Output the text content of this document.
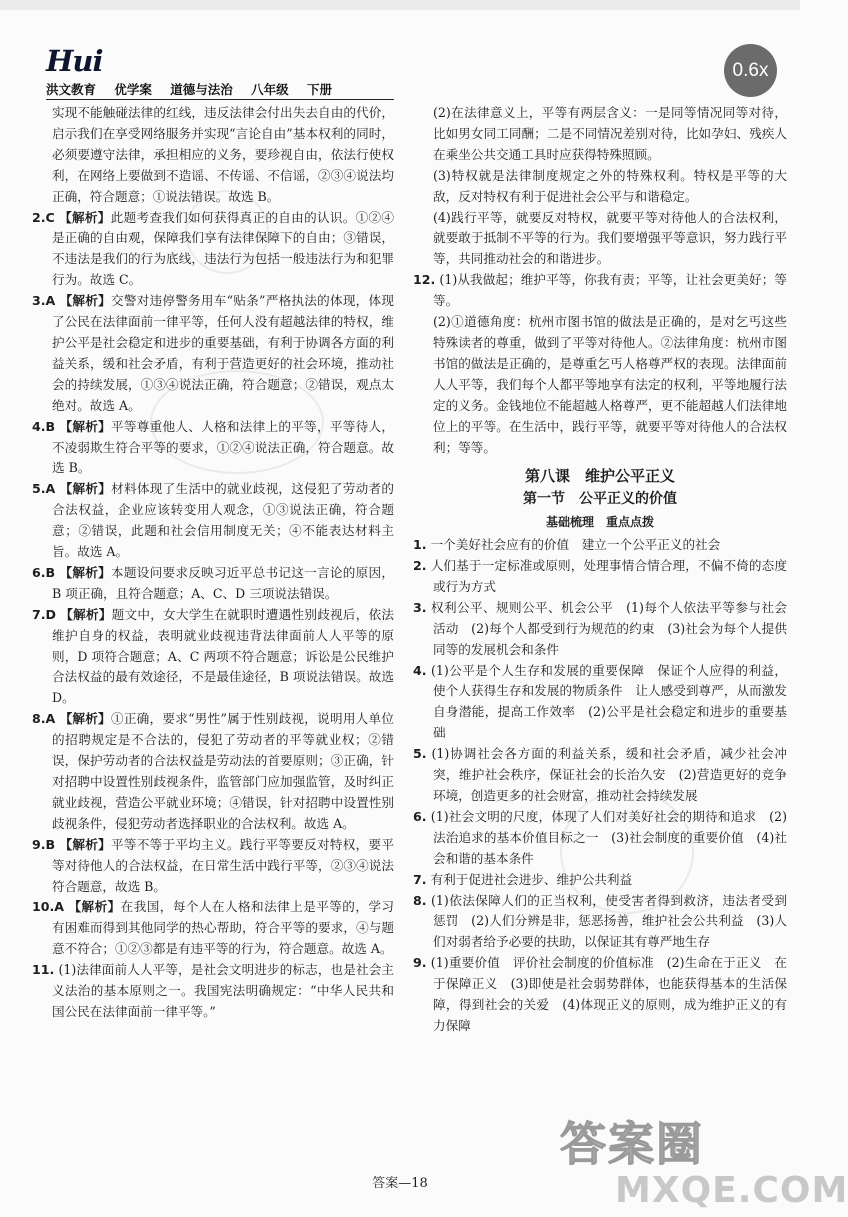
Hui
洪文教育 优学案 道德与法治 八年级 下册
0.6x

实现不能触碰法律的红线，违反法律会付出失去自由的代价，启示我们在享受网络服务并实现“言论自由”基本权利的同时，必须要遵守法律，承担相应的义务，要珍视自由，依法行使权利，在网络上要做到不造谣、不传谣、不信谣，②③④说法均正确，符合题意；①说法错误。故选 B。

2.C 【解析】此题考查我们如何获得真正的自由的认识。①②④是正确的自由观，保障我们享有法律保障下的自由；③错误，不违法是我们的行为底线，违法行为包括一般违法行为和犯罪行为。故选 C。

3.A 【解析】交警对违停警务用车“贴条”严格执法的体现，体现了公民在法律面前一律平等，任何人没有超越法律的特权，维护公平是社会稳定和进步的重要基础，有利于协调各方面的利益关系，缓和社会矛盾，有利于营造更好的社会环境，推动社会的持续发展，①③④说法正确，符合题意；②错误，观点太绝对。故选 A。

4.B 【解析】平等尊重他人、人格和法律上的平等，平等待人，不凌弱欺生符合平等的要求，①②④说法正确，符合题意。故选 B。

5.A 【解析】材料体现了生活中的就业歧视，这侵犯了劳动者的合法权益，企业应该转变用人观念，①③说法正确，符合题意；②错误，此题和社会信用制度无关；④不能表达材料主旨。故选 A。

6.B 【解析】本题设问要求反映习近平总书记这一言论的原因，B 项正确，且符合题意；A、C、D 三项说法错误。

7.D 【解析】题文中，女大学生在就职时遭遇性别歧视后，依法维护自身的权益，表明就业歧视违背法律面前人人平等的原则，D 项符合题意；A、C 两项不符合题意；诉讼是公民维护合法权益的最有效途径，不是最佳途径，B 项说法错误。故选 D。

8.A 【解析】①正确，要求“男性”属于性别歧视，说明用人单位的招聘规定是不合法的，侵犯了劳动者的平等就业权；②错误，保护劳动者的合法权益是劳动法的首要原则；③正确，针对招聘中设置性别歧视条件，监管部门应加强监管，及时纠正就业歧视，营造公平就业环境；④错误，针对招聘中设置性别歧视条件，侵犯劳动者选择职业的合法权利。故选 A。

9.B 【解析】平等不等于平均主义。践行平等要反对特权，要平等对待他人的合法权益，在日常生活中践行平等，②③④说法符合题意，故选 B。

10.A 【解析】在我国，每个人在人格和法律上是平等的，学习有困难而得到其他同学的热心帮助，符合平等的要求，④与题意不符合；①②③都是有违平等的行为，符合题意。故选 A。

11. (1)法律面前人人平等，是社会文明进步的标志，也是社会主义法治的基本原则之一。我国宪法明确规定：“中华人民共和国公民在法律面前一律平等。”

(2)在法律意义上，平等有两层含义：一是同等情况同等对待，比如男女同工同酬；二是不同情况差别对待，比如孕妇、残疾人在乘坐公共交通工具时应获得特殊照顾。

(3)特权就是法律制度规定之外的特殊权利。特权是平等的大敌，反对特权有利于促进社会公平与和谐稳定。

(4)践行平等，就要反对特权，就要平等对待他人的合法权利，就要敢于抵制不平等的行为。我们要增强平等意识，努力践行平等，共同推动社会的和谐进步。

12. (1)从我做起；维护平等，你我有责；平等，让社会更美好；等等。

(2)①道德角度：杭州市图书馆的做法是正确的，是对乞丐这些特殊读者的尊重，做到了平等对待他人。②法律角度：杭州市图书馆的做法是正确的，是尊重乞丐人格尊严权的表现。法律面前人人平等，我们每个人都平等地享有法定的权利，平等地履行法定的义务。金钱地位不能超越人格尊严，更不能超越人们法律地位上的平等。在生活中，践行平等，就要平等对待他人的合法权利；等等。

第八课　维护公平正义
第一节　公平正义的价值
基础梳理　重点点拨

1. 一个美好社会应有的价值　建立一个公平正义的社会

2. 人们基于一定标准或原则，处理事情合情合理，不偏不倚的态度或行为方式

3. 权利公平、规则公平、机会公平　(1)每个人依法平等参与社会活动　(2)每个人都受到行为规范的约束　(3)社会为每个人提供同等的发展机会和条件

4. (1)公平是个人生存和发展的重要保障　保证个人应得的利益，使个人获得生存和发展的物质条件　让人感受到尊严，从而激发自身潜能，提高工作效率　(2)公平是社会稳定和进步的重要基础

5. (1)协调社会各方面的利益关系，缓和社会矛盾，减少社会冲突，维护社会秩序，保证社会的长治久安　(2)营造更好的竞争环境，创造更多的社会财富，推动社会持续发展

6. (1)社会文明的尺度，体现了人们对美好社会的期待和追求　(2)法治追求的基本价值目标之一　(3)社会制度的重要价值　(4)社会和谐的基本条件

7. 有利于促进社会进步、维护公共利益

8. (1)依法保障人们的正当权利，使受害者得到救济，违法者受到惩罚　(2)人们分辨是非，惩恶扬善，维护社会公共利益　(3)人们对弱者给予必要的扶助，以保证其有尊严地生存

9. (1)重要价值　评价社会制度的价值标准　(2)生命在于正义　在于保障正义　(3)即使是社会弱势群体，也能获得基本的生活保障，得到社会的关爱　(4)体现正义的原则，成为维护正义的有力保障

答案—18
答案圈
MXQE.COM
